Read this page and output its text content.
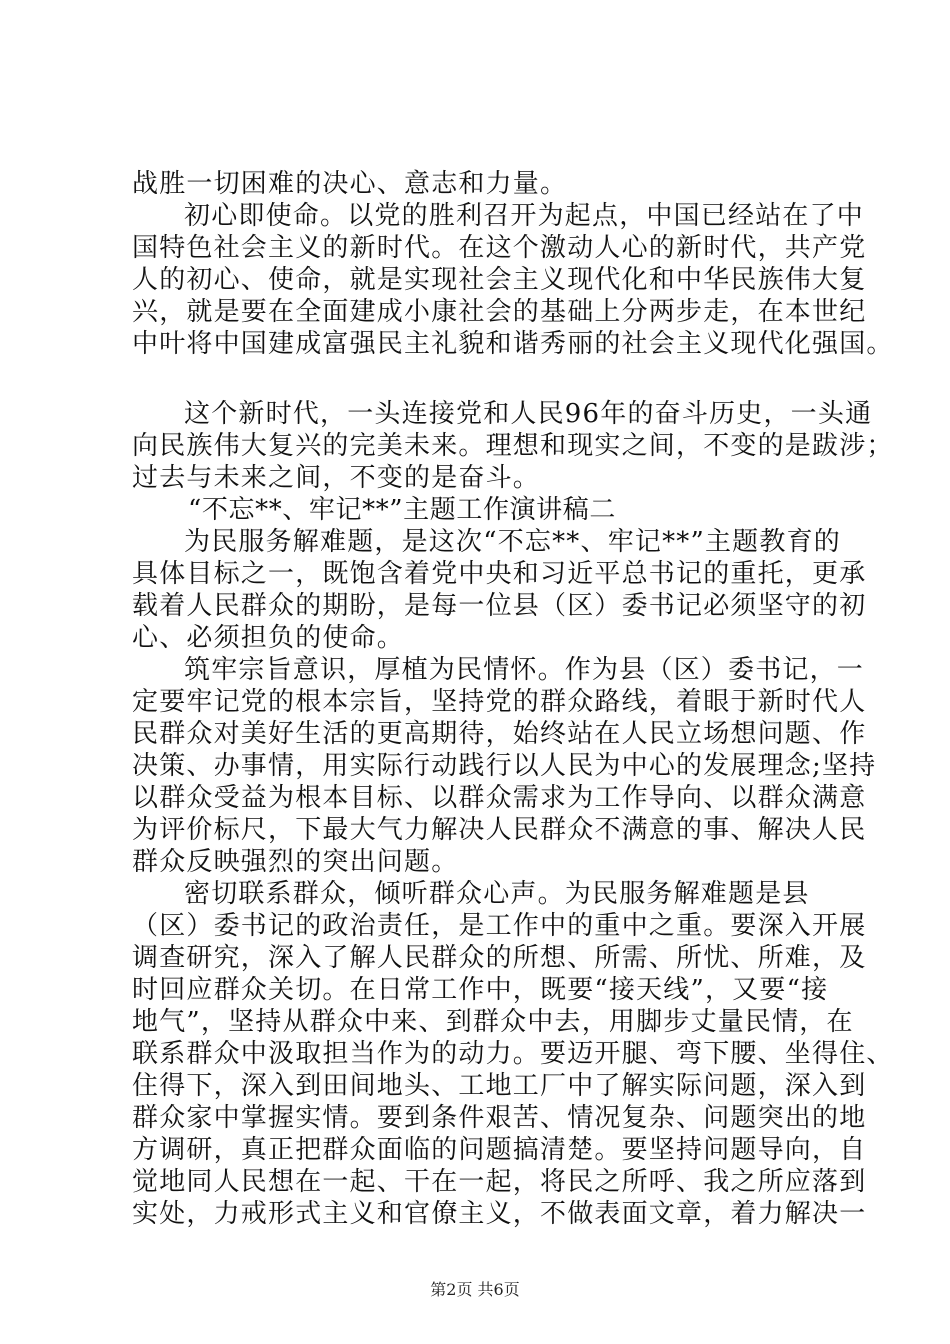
战胜一切困难的决心、意志和力量。
初心即使命。以党的胜利召开为起点，中国已经站在了中
国特色社会主义的新时代。在这个激动人心的新时代，共产党
人的初心、使命，就是实现社会主义现代化和中华民族伟大复
兴，就是要在全面建成小康社会的基础上分两步走，在本世纪
中叶将中国建成富强民主礼貌和谐秀丽的社会主义现代化强国。
这个新时代，一头连接党和人民96年的奋斗历史，一头通
向民族伟大复兴的完美未来。理想和现实之间，不变的是跋涉；
过去与未来之间，不变的是奋斗。
“不忘**、牢记**”主题工作演讲稿二
为民服务解难题，是这次“不忘**、牢记**”主题教育的
具体目标之一，既饱含着党中央和习近平总书记的重托，更承
载着人民群众的期盼，是每一位县（区）委书记必须坚守的初
心、必须担负的使命。
筑牢宗旨意识，厚植为民情怀。作为县（区）委书记，一
定要牢记党的根本宗旨，坚持党的群众路线，着眼于新时代人
民群众对美好生活的更高期待，始终站在人民立场想问题、作
决策、办事情，用实际行动践行以人民为中心的发展理念;坚持
以群众受益为根本目标、以群众需求为工作导向、以群众满意
为评价标尺，下最大气力解决人民群众不满意的事、解决人民
群众反映强烈的突出问题。
密切联系群众，倾听群众心声。为民服务解难题是县
（区）委书记的政治责任，是工作中的重中之重。要深入开展
调查研究，深入了解人民群众的所想、所需、所忧、所难，及
时回应群众关切。在日常工作中，既要“接天线”，又要“接
地气”，坚持从群众中来、到群众中去，用脚步丈量民情，在
联系群众中汲取担当作为的动力。要迈开腿、弯下腰、坐得住、
住得下，深入到田间地头、工地工厂中了解实际问题，深入到
群众家中掌握实情。要到条件艰苦、情况复杂、问题突出的地
方调研，真正把群众面临的问题搞清楚。要坚持问题导向，自
觉地同人民想在一起、干在一起，将民之所呼、我之所应落到
实处，力戒形式主义和官僚主义，不做表面文章，着力解决一
第2页 共6页
